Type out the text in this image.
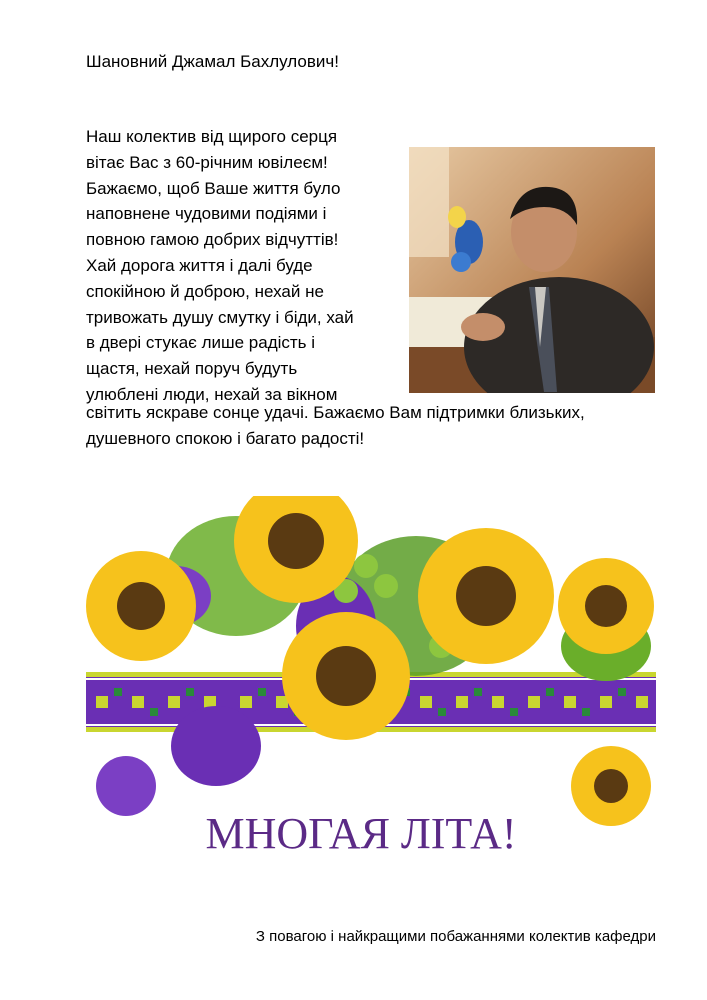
Шановний Джамал Бахлулович!
Наш колектив від щирого серця
вітає Вас з 60-річним ювілеєм!
Бажаємо, щоб Ваше життя було
наповнене чудовими подіями і
повною гамою добрих відчуттів!
Хай дорога життя і далі буде
спокійною й доброю, нехай не
тривожать душу смутку і біди, хай
в двері стукає лише радість і
щастя, нехай поруч будуть
улюблені люди, нехай за вікном
світить яскраве сонце удачі. Бажаємо Вам підтримки близьких,
душевного спокою і багато радості!
МНОГАЯ ЛІТА!
З повагою і найкращими побажаннями колектив кафедри
